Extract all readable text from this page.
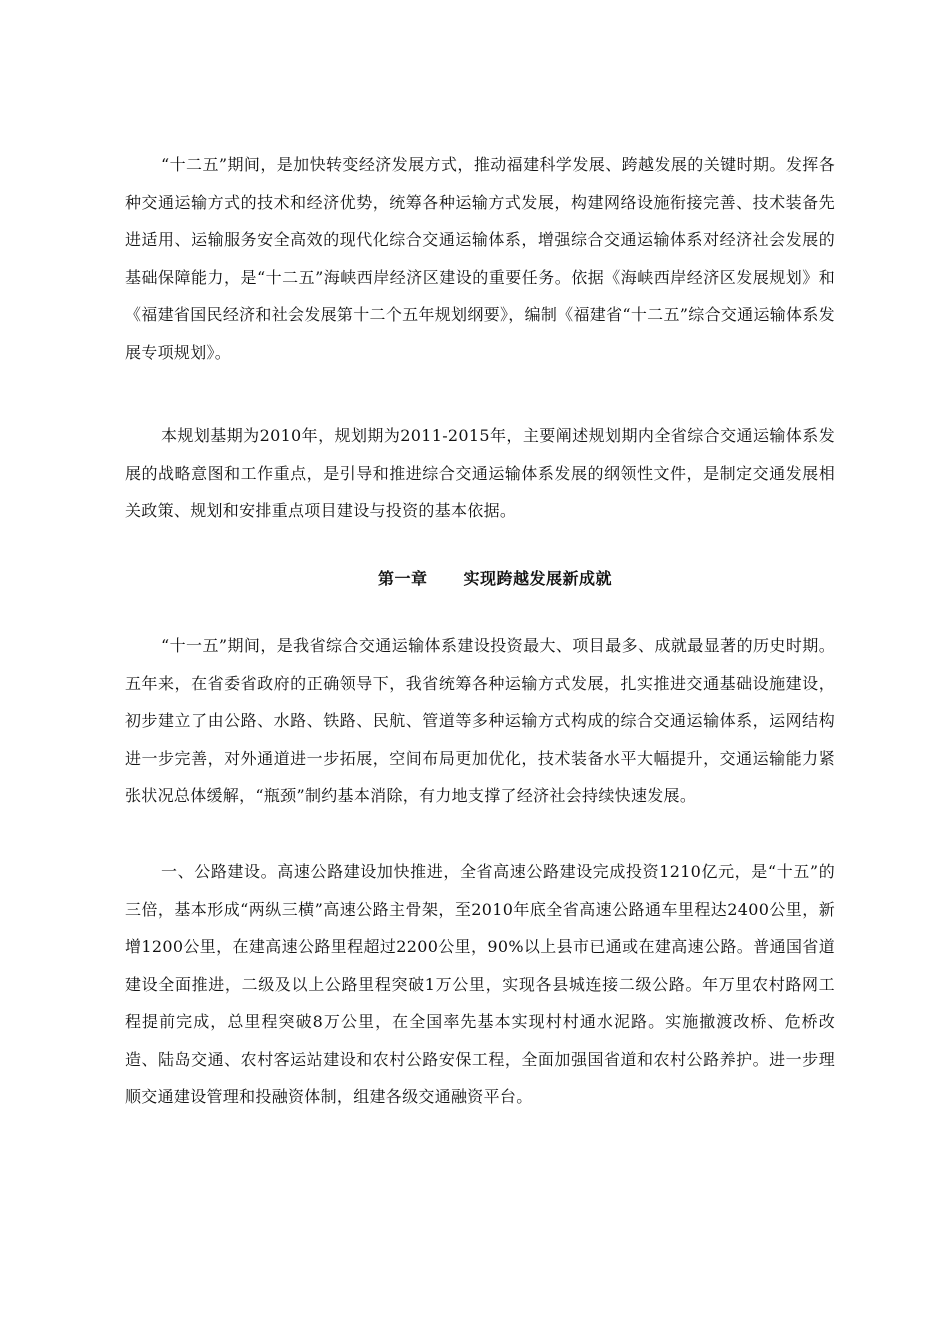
“十二五”期间，是加快转变经济发展方式，推动福建科学发展、跨越发展的关键时期。发挥各种交通运输方式的技术和经济优势，统筹各种运输方式发展，构建网络设施衔接完善、技术装备先进适用、运输服务安全高效的现代化综合交通运输体系，增强综合交通运输体系对经济社会发展的基础保障能力，是“十二五”海峡西岸经济区建设的重要任务。依据《海峡西岸经济区发展规划》和《福建省国民经济和社会发展第十二个五年规划纲要》，编制《福建省“十二五”综合交通运输体系发展专项规划》。

本规划基期为2010年，规划期为2011-2015年，主要阐述规划期内全省综合交通运输体系发展的战略意图和工作重点，是引导和推进综合交通运输体系发展的纲领性文件，是制定交通发展相关政策、规划和安排重点项目建设与投资的基本依据。

第一章 实现跨越发展新成就

“十一五”期间，是我省综合交通运输体系建设投资最大、项目最多、成就最显著的历史时期。五年来，在省委省政府的正确领导下，我省统筹各种运输方式发展，扎实推进交通基础设施建设，初步建立了由公路、水路、铁路、民航、管道等多种运输方式构成的综合交通运输体系，运网结构进一步完善，对外通道进一步拓展，空间布局更加优化，技术装备水平大幅提升，交通运输能力紧张状况总体缓解，“瓶颈”制约基本消除，有力地支撑了经济社会持续快速发展。

一、公路建设。高速公路建设加快推进，全省高速公路建设完成投资1210亿元，是“十五”的三倍，基本形成“两纵三横”高速公路主骨架，至2010年底全省高速公路通车里程达2400公里，新增1200公里，在建高速公路里程超过2200公里，90%以上县市已通或在建高速公路。普通国省道建设全面推进，二级及以上公路里程突破1万公里，实现各县城连接二级公路。年万里农村路网工程提前完成，总里程突破8万公里，在全国率先基本实现村村通水泥路。实施撤渡改桥、危桥改造、陆岛交通、农村客运站建设和农村公路安保工程，全面加强国省道和农村公路养护。进一步理顺交通建设管理和投融资体制，组建各级交通融资平台。
